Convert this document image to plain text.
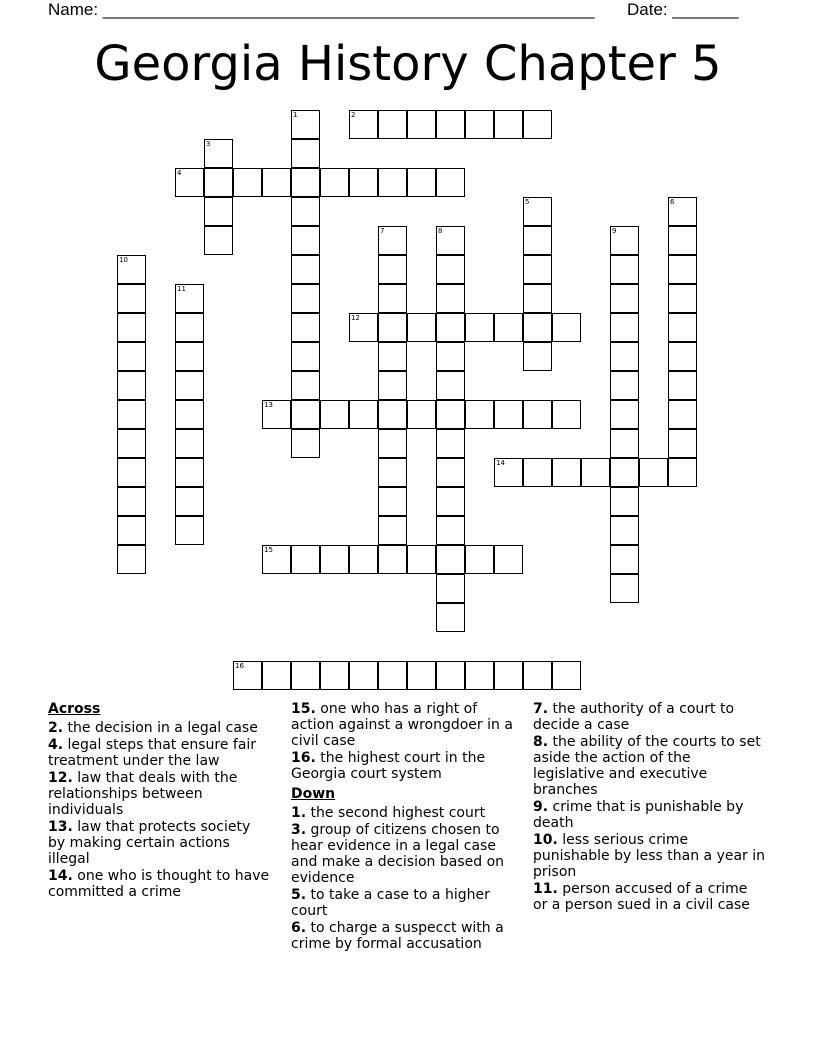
Name: ____________________________________________________ Date: _______
Georgia History Chapter 5
1	2
3
4
5	6
7	8	9
10
11
12
13
14
15
16
Across
2. the decision in a legal case
4. legal steps that ensure fair treatment under the law
12. law that deals with the relationships between individuals
13. law that protects society by making certain actions illegal
14. one who is thought to have committed a crime
15. one who has a right of action against a wrongdoer in a civil case
16. the highest court in the Georgia court system
Down
1. the second highest court
3. group of citizens chosen to hear evidence in a legal case and make a decision based on evidence
5. to take a case to a higher court
6. to charge a suspecct with a crime by formal accusation
7. the authority of a court to decide a case
8. the ability of the courts to set aside the action of the legislative and executive branches
9. crime that is punishable by death
10. less serious crime punishable by less than a year in prison
11. person accused of a crime or a person sued in a civil case
